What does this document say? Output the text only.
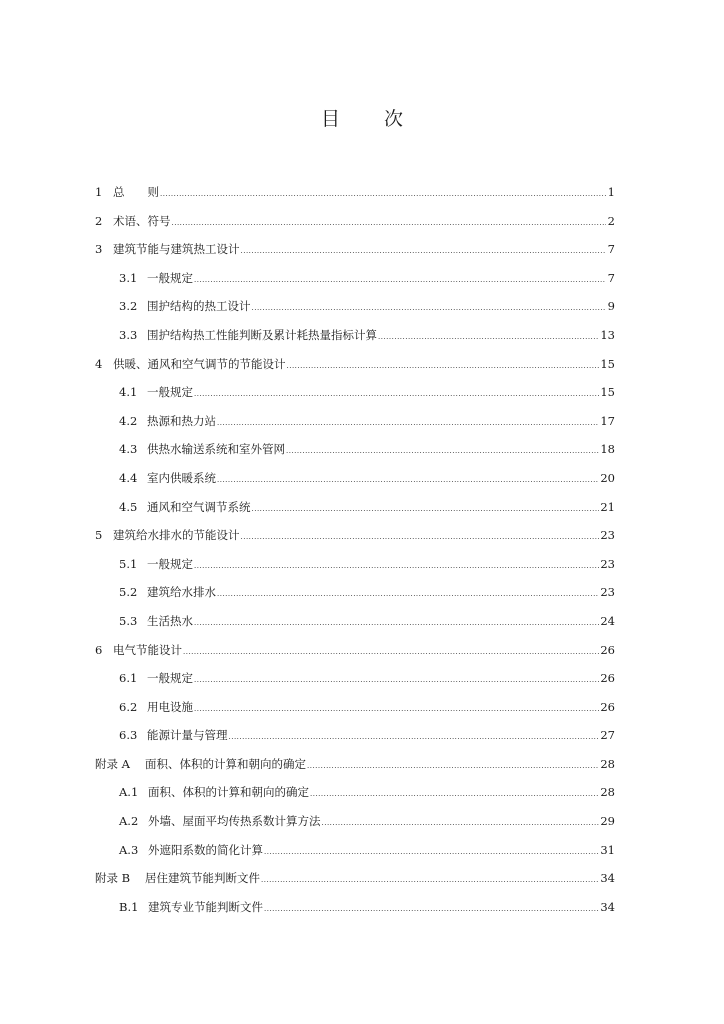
目 次
1 总　　则 .....	1
2 术语、符号 .....	2
3 建筑节能与建筑热工设计 .....	7
3.1 一般规定 .....	7
3.2 围护结构的热工设计 .....	9
3.3 围护结构热工性能判断及累计耗热量指标计算 .....	13
4 供暖、通风和空气调节的节能设计 .....	15
4.1 一般规定 .....	15
4.2 热源和热力站 .....	17
4.3 供热水输送系统和室外管网 .....	18
4.4 室内供暖系统 .....	20
4.5 通风和空气调节系统 .....	21
5 建筑给水排水的节能设计 .....	23
5.1 一般规定 .....	23
5.2 建筑给水排水 .....	23
5.3 生活热水 .....	24
6 电气节能设计 .....	26
6.1 一般规定 .....	26
6.2 用电设施 .....	26
6.3 能源计量与管理 .....	27
附录 A	面积、体积的计算和朝向的确定 .....	28
A.1 面积、体积的计算和朝向的确定 .....	28
A.2 外墙、屋面平均传热系数计算方法 .....	29
A.3 外遮阳系数的简化计算 .....	31
附录 B	居住建筑节能判断文件 .....	34
B.1 建筑专业节能判断文件 .....	34
